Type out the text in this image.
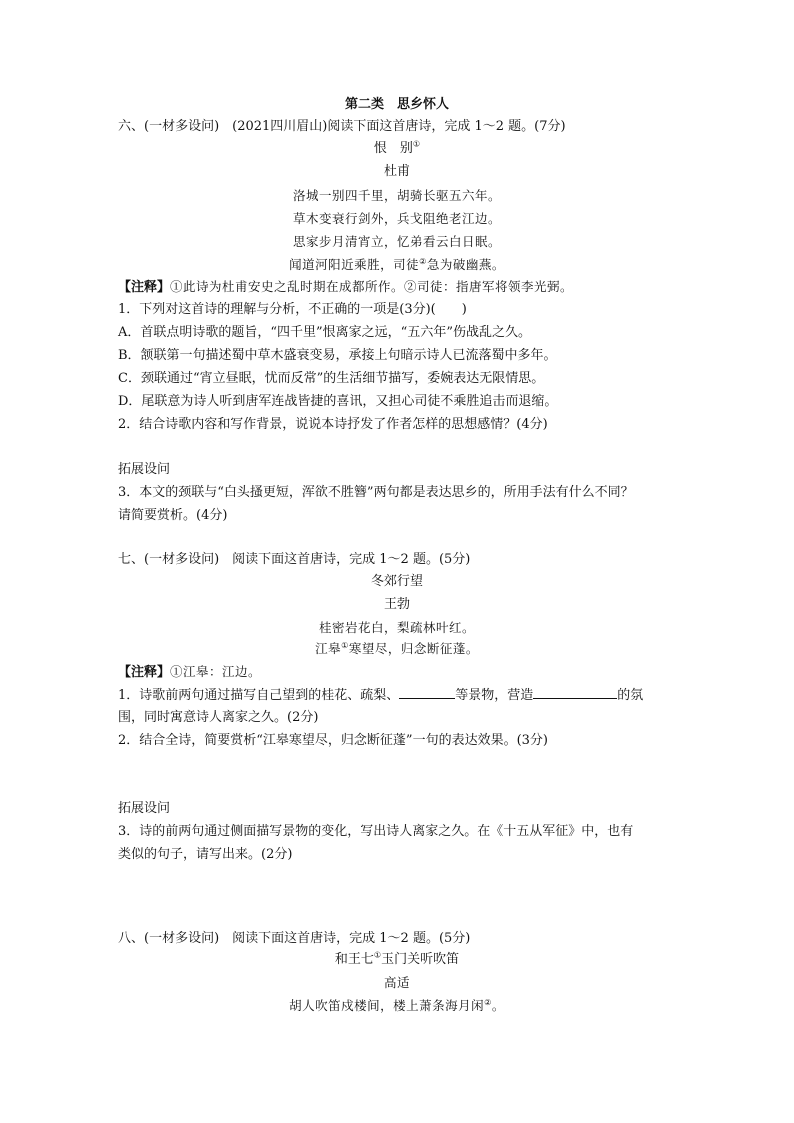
第二类　思乡怀人
六、(一材多设问)　(2021四川眉山)阅读下面这首唐诗，完成 1～2 题。(7分)
恨　别①
杜甫
洛城一别四千里，胡骑长驱五六年。
草木变衰行剑外，兵戈阻绝老江边。
思家步月清宵立，忆弟看云白日眠。
闻道河阳近乘胜，司徒②急为破幽燕。
【注释】①此诗为杜甫安史之乱时期在成都所作。②司徒：指唐军将领李光弼。
1．下列对这首诗的理解与分析，不正确的一项是(3分)(　　)
A．首联点明诗歌的题旨，“四千里”恨离家之远，“五六年”伤战乱之久。
B．颔联第一句描述蜀中草木盛衰变易，承接上句暗示诗人已流落蜀中多年。
C．颈联通过“宵立昼眠，忧而反常”的生活细节描写，委婉表达无限情思。
D．尾联意为诗人听到唐军连战皆捷的喜讯，又担心司徒不乘胜追击而退缩。
2．结合诗歌内容和写作背景，说说本诗抒发了作者怎样的思想感情？(4分)
拓展设问
3．本文的颈联与“白头搔更短，浑欲不胜簪”两句都是表达思乡的，所用手法有什么不同？
请简要赏析。(4分)
七、(一材多设问)　阅读下面这首唐诗，完成 1～2 题。(5分)
冬郊行望
王勃
桂密岩花白，梨疏林叶红。
江皋①寒望尽，归念断征蓬。
【注释】①江皋：江边。
1．诗歌前两句通过描写自己望到的桂花、疏梨、	等景物，营造	的氛
围，同时寓意诗人离家之久。(2分)
2．结合全诗，简要赏析“江皋寒望尽，归念断征蓬”一句的表达效果。(3分)
拓展设问
3．诗的前两句通过侧面描写景物的变化，写出诗人离家之久。在《十五从军征》中，也有
类似的句子，请写出来。(2分)
八、(一材多设问)　阅读下面这首唐诗，完成 1～2 题。(5分)
和王七①玉门关听吹笛
高适
胡人吹笛戍楼间，楼上萧条海月闲②。
